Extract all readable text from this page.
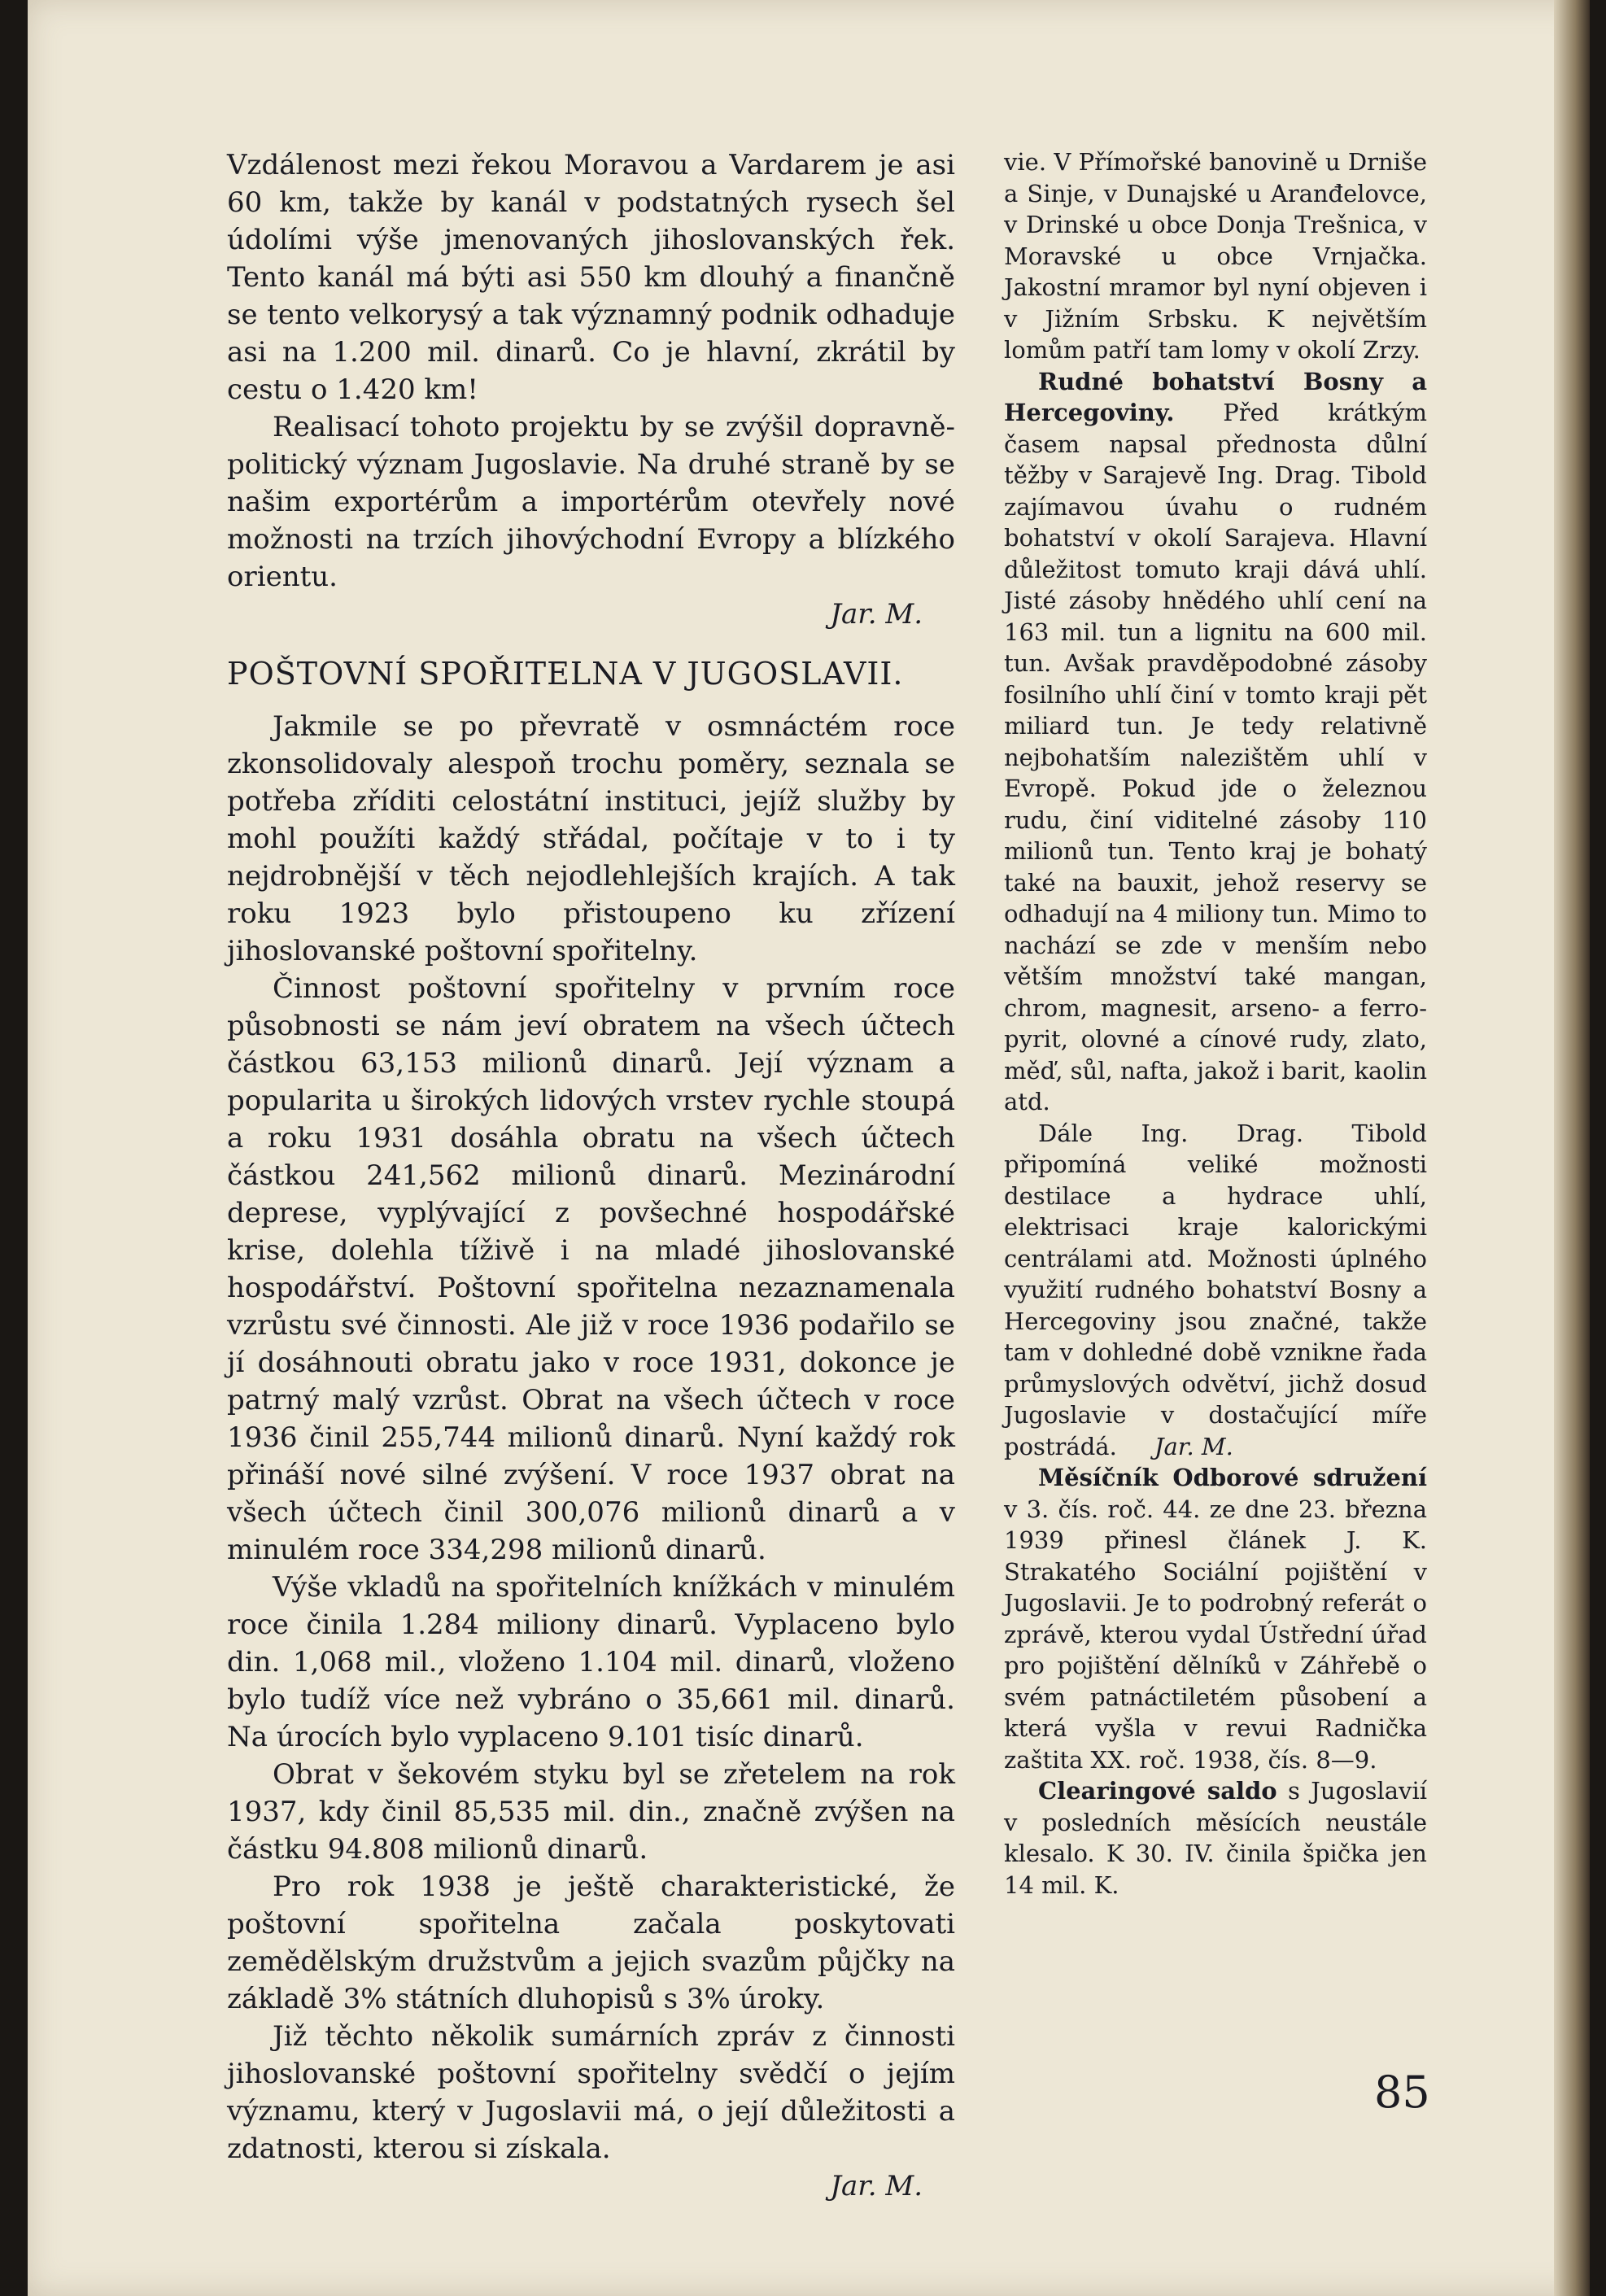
Vzdálenost mezi řekou Moravou a Vardarem je asi 60 km, takže by kanál v podstatných rysech šel údolími výše jmenovaných jihoslovanských řek. Tento kanál má býti asi 550 km dlouhý a finančně se tento velkorysý a tak významný podnik odhaduje asi na 1.200 mil. dinarů. Co je hlavní, zkrátil by cestu o 1.420 km!

Realisací tohoto projektu by se zvýšil dopravně-politický význam Jugoslavie. Na druhé straně by se našim exportérům a importérům otevřely nové možnosti na trzích jihovýchodní Evropy a blízkého orientu.

Jar. M.

POŠTOVNÍ SPOŘITELNA V JUGOSLAVII.

Jakmile se po převratě v osmnáctém roce zkonsolidovaly alespoň trochu poměry, seznala se potřeba zříditi celostátní instituci, jejíž služby by mohl použíti každý střádal, počítaje v to i ty nejdrobnější v těch nejodlehlejších krajích. A tak roku 1923 bylo přistoupeno ku zřízení jihoslovanské poštovní spořitelny.

Činnost poštovní spořitelny v prvním roce působnosti se nám jeví obratem na všech účtech částkou 63,153 milionů dinarů. Její význam a popularita u širokých lidových vrstev rychle stoupá a roku 1931 dosáhla obratu na všech účtech částkou 241,562 milionů dinarů. Mezinárodní deprese, vyplývající z povšechné hospodářské krise, dolehla tíživě i na mladé jihoslovanské hospodářství. Poštovní spořitelna nezaznamenala vzrůstu své činnosti. Ale již v roce 1936 podařilo se jí dosáhnouti obratu jako v roce 1931, dokonce je patrný malý vzrůst. Obrat na všech účtech v roce 1936 činil 255,744 milionů dinarů. Nyní každý rok přináší nové silné zvýšení. V roce 1937 obrat na všech účtech činil 300,076 milionů dinarů a v minulém roce 334,298 milionů dinarů.

Výše vkladů na spořitelních knížkách v minulém roce činila 1.284 miliony dinarů. Vyplaceno bylo din. 1,068 mil., vloženo 1.104 mil. dinarů, vloženo bylo tudíž více než vybráno o 35,661 mil. dinarů. Na úrocích bylo vyplaceno 9.101 tisíc dinarů.

Obrat v šekovém styku byl se zřetelem na rok 1937, kdy činil 85,535 mil. din., značně zvýšen na částku 94.808 milionů dinarů.

Pro rok 1938 je ještě charakteristické, že poštovní spořitelna začala poskytovati zemědělským družstvům a jejich svazům půjčky na základě 3% státních dluhopisů s 3% úroky.

Již těchto několik sumárních zpráv z činnosti jihoslovanské poštovní spořitelny svědčí o jejím významu, který v Jugoslavii má, o její důležitosti a zdatnosti, kterou si získala.

Jar. M.

vie. V Přímořské banovině u Drniše a Sinje, v Dunajské u Aranđelovce, v Drinské u obce Donja Trešnica, v Moravské u obce Vrnjačka. Jakostní mramor byl nyní objeven i v Jižním Srbsku. K největším lomům patří tam lomy v okolí Zrzy.

Rudné bohatství Bosny a Hercegoviny. Před krátkým časem napsal přednosta důlní těžby v Sarajevě Ing. Drag. Tibold zajímavou úvahu o rudném bohatství v okolí Sarajeva. Hlavní důležitost tomuto kraji dává uhlí. Jisté zásoby hnědého uhlí cení na 163 mil. tun a lignitu na 600 mil. tun. Avšak pravděpodobné zásoby fosilního uhlí činí v tomto kraji pět miliard tun. Je tedy relativně nejbohatším nalezištěm uhlí v Evropě. Pokud jde o železnou rudu, činí viditelné zásoby 110 milionů tun. Tento kraj je bohatý také na bauxit, jehož reservy se odhadují na 4 miliony tun. Mimo to nachází se zde v menším nebo větším množství také mangan, chrom, magnesit, arseno- a ferro-pyrit, olovné a cínové rudy, zlato, měď, sůl, nafta, jakož i barit, kaolin atd.

Dále Ing. Drag. Tibold připomíná veliké možnosti destilace a hydrace uhlí, elektrisaci kraje kalorickými centrálami atd. Možnosti úplného využití rudného bohatství Bosny a Hercegoviny jsou značné, takže tam v dohledné době vznikne řada průmyslových odvětví, jichž dosud Jugoslavie v dostačující míře postrádá. Jar. M.

Měsíčník Odborové sdružení v 3. čís. roč. 44. ze dne 23. března 1939 přinesl článek J. K. Strakatého Sociální pojištění v Jugoslavii. Je to podrobný referát o zprávě, kterou vydal Ústřední úřad pro pojištění dělníků v Záhřebě o svém patnáctiletém působení a která vyšla v revui Radnička zaštita XX. roč. 1938, čís. 8—9.

Clearingové saldo s Jugoslavií v posledních měsících neustále klesalo. K 30. IV. činila špička jen 14 mil. K.

85
